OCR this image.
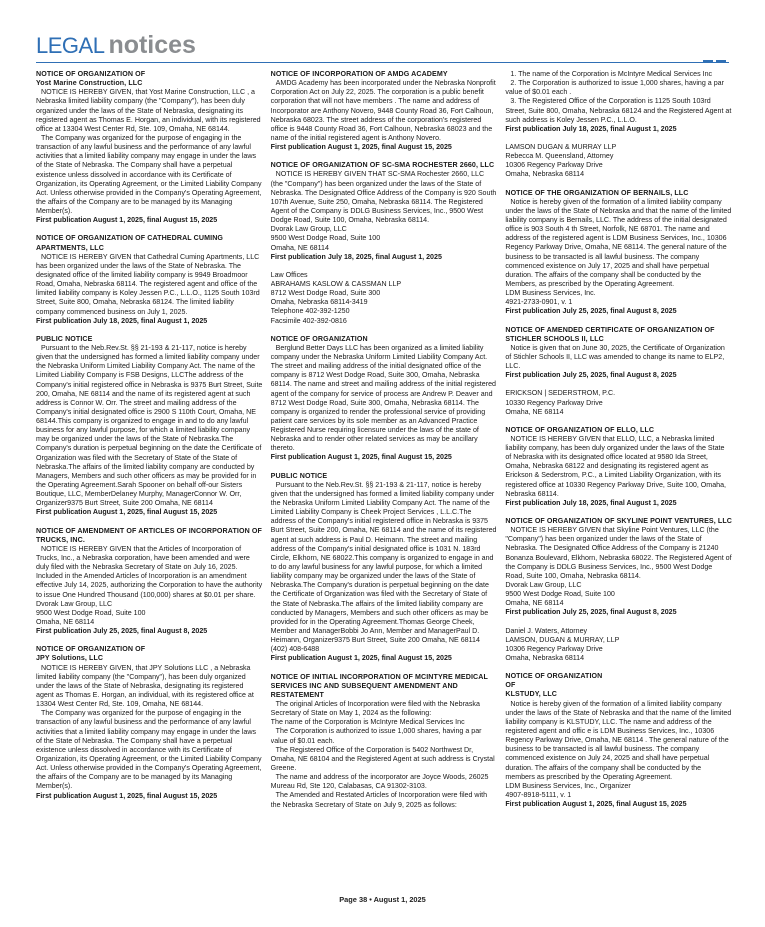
LEGAL notices

NOTICE OF ORGANIZATION OF
Yost Marine Construction, LLC

NOTICE IS HEREBY GIVEN, that Yost Marine Construction, LLC , a Nebraska limited liability company (the "Company"), has been duly organized under the laws of the State of Nebraska, designating its registered agent as Thomas E. Horgan, an individual, with its registered office at 13304 West Center Rd, Ste. 109, Omaha, NE 68144.

The Company was organized for the purpose of engaging in the transaction of any lawful business and the performance of any lawful activities that a limited liability company may engage in under the laws of the State of Nebraska. The Company shall have a perpetual existence unless dissolved in accordance with its Certificate of Organization, its Operating Agreement, or the Limited Liability Company Act. Unless otherwise provided in the Company's Operating Agreement, the affairs of the Company are to be managed by its Managing Member(s).

First publication August 1, 2025, final August 15, 2025

NOTICE OF ORGANIZATION OF CATHEDRAL CUMING APARTMENTS, LLC

NOTICE IS HEREBY GIVEN that Cathedral Cuming Apartments, LLC has been organized under the laws of the State of Nebraska. The designated office of the limited liability company is 9949 Broadmoor Road, Omaha, Nebraska 68114. The registered agent and office of the limited liability company is Koley Jessen P.C., L.L.O., 1125 South 103rd Street, Suite 800, Omaha, Nebraska 68124. The limited liability company commenced business on July 1, 2025.

First publication July 18, 2025, final August 1, 2025

PUBLIC NOTICE

Pursuant to the Neb.Rev.St. §§ 21-193 & 21-117, notice is hereby given that the undersigned has formed a limited liability company under the Nebraska Uniform Limited Liability Company Act. The name of the Limited Liability Company is FSB Designs, LLCThe address of the Company's initial registered office in Nebraska is 9375 Burt Street, Suite 200, Omaha, NE 68114 and the name of its registered agent at such address is Connor W. Orr. The street and mailing address of the Company's initial designated office is 2900 S 110th Court, Omaha, NE 68144.This company is organized to engage in and to do any lawful business for any lawful purpose, for which a limited liability company may be organized under the laws of the State of Nebraska.The Company's duration is perpetual beginning on the date the Certificate of Organization was filed with the Secretary of State of the State of Nebraska.The affairs of the limited liability company are conducted by Managers, Members and such other officers as may be provided for in the Operating Agreement.Sarah Spooner on behalf off-our Sisters Boutique, LLC, MemberDelaney Murphy, ManagerConnor W. Orr, Organizer9375 Burt Street, Suite 200 Omaha, NE 68114

First publication August 1, 2025, final August 15, 2025

NOTICE OF AMENDMENT OF ARTICLES OF INCORPORATION OF TRUCKS, INC.

NOTICE IS HEREBY GIVEN that the Articles of Incorporation of Trucks, Inc., a Nebraska corporation, have been amended and were duly filed with the Nebraska Secretary of State on July 16, 2025. Included in the Amended Articles of Incorporation is an amendment effective July 14, 2025, authorizing the Corporation to have the authority to issue One Hundred Thousand (100,000) shares at $0.01 per share.

Dvorak Law Group, LLC

9500 West Dodge Road, Suite 100

Omaha, NE 68114

First publication July 25, 2025, final August 8, 2025

NOTICE OF ORGANIZATION OF
JPY Solutions, LLC

NOTICE IS HEREBY GIVEN, that JPY Solutions LLC , a Nebraska limited liability company (the "Company"), has been duly organized under the laws of the State of Nebraska, designating its registered agent as Thomas E. Horgan, an individual, with its registered office at 13304 West Center Rd, Ste. 109, Omaha, NE 68144.

The Company was organized for the purpose of engaging in the transaction of any lawful business and the performance of any lawful activities that a limited liability company may engage in under the laws of the State of Nebraska. The Company shall have a perpetual existence unless dissolved in accordance with its Certificate of Organization, its Operating Agreement, or the Limited Liability Company Act. Unless otherwise provided in the Company's Operating Agreement, the affairs of the Company are to be managed by its Managing Member(s).

First publication August 1, 2025, final August 15, 2025

NOTICE OF INCORPORATION OF AMDG ACADEMY

AMDG Academy has been incorporated under the Nebraska Nonprofit Corporation Act on July 22, 2025. The corporation is a public benefit corporation that will not have members . The name and address of Incorporator are Anthony Novero, 9448 County Road 36, Fort Calhoun, Nebraska 68023. The street address of the corporation's registered office is 9448 County Road 36, Fort Calhoun, Nebraska 68023 and the name of the initial registered agent is Anthony Novero.

First publication August 1, 2025, final August 15, 2025

NOTICE OF ORGANIZATION OF SC-SMA ROCHESTER 2660, LLC

NOTICE IS HEREBY GIVEN THAT SC-SMA Rochester 2660, LLC (the "Company") has been organized under the laws of the State of Nebraska. The Designated Office Address of the Company is 920 South 107th Avenue, Suite 250, Omaha, Nebraska 68114. The Registered Agent of the Company is DDLG Business Services, Inc., 9500 West Dodge Road, Suite 100, Omaha, Nebraska 68114.

Dvorak Law Group, LLC

9500 West Dodge Road, Suite 100

Omaha, NE 68114

First publication July 18, 2025, final August 1, 2025

Law Offices

ABRAHAMS KASLOW & CASSMAN LLP

8712 West Dodge Road, Suite 300

Omaha, Nebraska 68114-3419

Telephone 402-392-1250

Facsimile 402-392-0816

NOTICE OF ORGANIZATION

Berglund Better Days LLC has been organized as a limited liability company under the Nebraska Uniform Limited Liability Company Act. The street and mailing address of the initial designated office of the company is 8712 West Dodge Road, Suite 300, Omaha, Nebraska 68114. The name and street and mailing address of the initial registered agent of the company for service of process are Andrew P. Deaver and 8712 West Dodge Road, Suite 300, Omaha, Nebraska 68114. The company is organized to render the professional service of providing patient care services by its sole member as an Advanced Practice Registered Nurse requiring licensure under the laws of the state of Nebraska and to render other related services as may be ancillary thereto.

First publication August 1, 2025, final August 15, 2025

PUBLIC NOTICE

Pursuant to the Neb.Rev.St. §§ 21-193 & 21-117, notice is hereby given that the undersigned has formed a limited liability company under the Nebraska Uniform Limited Liability Company Act. The name of the Limited Liability Company is Cheek Project Services , L.L.C.The address of the Company's initial registered office in Nebraska is 9375 Burt Street, Suite 200, Omaha, NE 68114 and the name of its registered agent at such address is Paul D. Heimann. The street and mailing address of the Company's initial designated office is 1031 N. 183rd Circle, Elkhorn, NE 68022.This company is organized to engage in and to do any lawful business for any lawful purpose, for which a limited liability company may be organized under the laws of the State of Nebraska.The Company's duration is perpetual beginning on the date the Certificate of Organization was filed with the Secretary of State of the State of Nebraska.The affairs of the limited liability company are conducted by Managers, Members and such other officers as may be provided for in the Operating Agreement.Thomas George Cheek, Member and ManagerBobbi Jo Ann, Member and ManagerPaul D. Heimann, Organizer9375 Burt Street, Suite 200 Omaha, NE 68114 (402) 408-6488

First publication August 1, 2025, final August 15, 2025

NOTICE OF INITIAL INCORPORATION OF MCINTYRE MEDICAL SERVICES INC AND SUBSEQUENT AMENDMENT AND RESTATEMENT

The original Articles of Incorporation were filed with the Nebraska Secretary of State on May 1, 2024 as the following:

The name of the Corporation is McIntyre Medical Services Inc

The Corporation is authorized to issue 1,000 shares, having a par value of $0.01 each.

The Registered Office of the Corporation is 5402 Northwest Dr, Omaha, NE 68104 and the Registered Agent at such address is Crystal Greene.

The name and address of the incorporator are Joyce Woods, 26025 Mureau Rd, Ste 120, Calabasas, CA 91302-3103.

The Amended and Restated Articles of Incorporation were filed with the Nebraska Secretary of State on July 9, 2025 as follows:

1. The name of the Corporation is McIntyre Medical Services Inc

2. The Corporation is authorized to issue 1,000 shares, having a par value of $0.01 each .

3. The Registered Office of the Corporation is 1125 South 103rd Street, Suite 800, Omaha, Nebraska 68124 and the Registered Agent at such address is Koley Jessen P.C., L.L.O.

First publication July 18, 2025, final August 1, 2025

LAMSON DUGAN & MURRAY LLP

Rebecca M. Queensland, Attorney

10306 Regency Parkway Drive

Omaha, Nebraska 68114

NOTICE OF THE ORGANIZATION OF BERNAILS, LLC

Notice is hereby given of the formation of a limited liability company under the laws of the State of Nebraska and that the name of the limited liability company is Bernails, LLC. The address of the initial designated office is 903 South 4 th Street, Norfolk, NE 68701. The name and address of the registered agent is LDM Business Services, Inc., 10306 Regency Parkway Drive, Omaha, NE 68114. The general nature of the business to be transacted is all lawful business. The company commenced existence on July 17, 2025 and shall have perpetual duration. The affairs of the company shall be conducted by the Members, as prescribed by the Operating Agreement.

LDM Business Services, Inc.

4921-2733-0901, v. 1

First publication July 25, 2025, final August 8, 2025

NOTICE OF AMENDED CERTIFICATE OF ORGANIZATION OF STICHLER SCHOOLS II, LLC

Notice is given that on June 30, 2025, the Certificate of Organization of Stichler Schools II, LLC was amended to change its name to ELP2, LLC.

First publication July 25, 2025, final August 8, 2025

ERICKSON | SEDERSTROM, P.C.

10330 Regency Parkway Drive

Omaha, NE 68114

NOTICE OF ORGANIZATION OF ELLO, LLC

NOTICE IS HEREBY GIVEN that ELLO, LLC, a Nebraska limited liability company, has been duly organized under the laws of the State of Nebraska with its designated office located at 9580 Ida Street, Omaha, Nebraska 68122 and designating its registered agent as Erickson & Sederstrom, P.C., a Limited Liability Organization, with its registered office at 10330 Regency Parkway Drive, Suite 100, Omaha, Nebraska 68114.

First publication July 18, 2025, final August 1, 2025

NOTICE OF ORGANIZATION OF SKYLINE POINT VENTURES, LLC

NOTICE IS HEREBY GIVEN that Skyline Point Ventures, LLC (the "Company") has been organized under the laws of the State of Nebraska. The Designated Office Address of the Company is 21240 Bonanza Boulevard, Elkhorn, Nebraska 68022. The Registered Agent of the Company is DDLG Business Services, Inc., 9500 West Dodge Road, Suite 100, Omaha, Nebraska 68114.

Dvorak Law Group, LLC

9500 West Dodge Road, Suite 100

Omaha, NE 68114

First publication July 25, 2025, final August 8, 2025

Daniel J. Waters, Attorney

LAMSON, DUGAN & MURRAY, LLP

10306 Regency Parkway Drive

Omaha, Nebraska 68114

NOTICE OF ORGANIZATION
OF
KLSTUDY, LLC

Notice is hereby given of the formation of a limited liability company under the laws of the State of Nebraska and that the name of the limited liability company is KLSTUDY, LLC. The name and address of the registered agent and offic e is LDM Business Services, Inc., 10306 Regency Parkway Drive, Omaha, NE 68114 . The general nature of the business to be transacted is all lawful business. The company commenced existence on July 24, 2025 and shall have perpetual duration. The affairs of the company shall be conducted by the members as prescribed by the Operating Agreement.

LDM Business Services, Inc., Organizer

4907-8918-5111, v. 1

First publication August 1, 2025, final August 15, 2025

Page 38 • August 1, 2025
